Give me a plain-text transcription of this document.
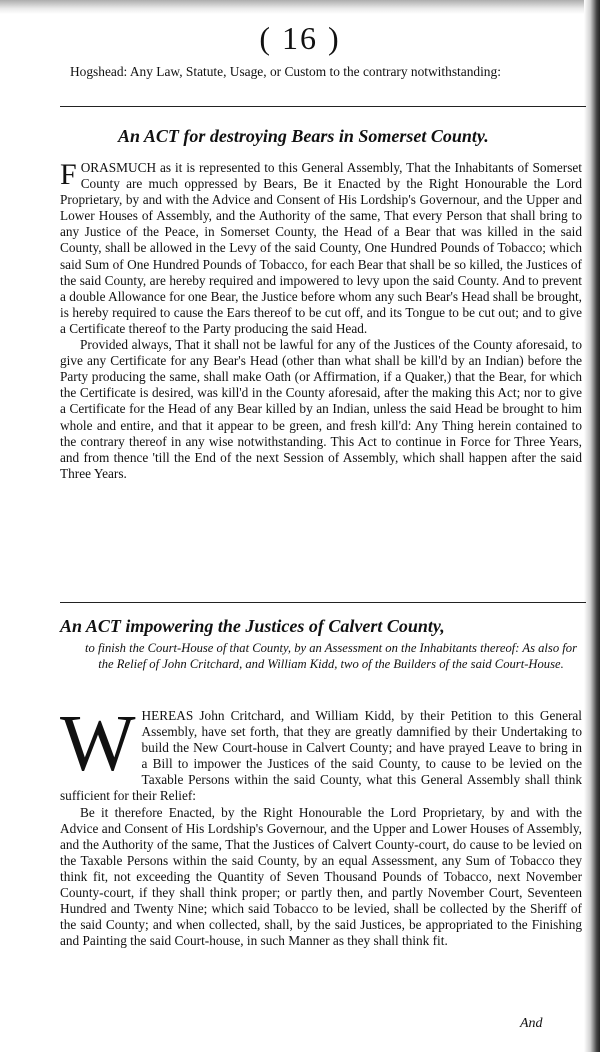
( 16 )
Hogshead: Any Law, Statute, Usage, or Custom to the contrary notwithstanding:
An ACT for destroying Bears in Somerset County.

FORASMUCH as it is represented to this General Assembly, That the Inhabitants of Somerset County are much oppressed by Bears, Be it Enacted by the Right Honourable the Lord Proprietary, by and with the Advice and Consent of His Lordship's Governour, and the Upper and Lower Houses of Assembly, and the Authority of the same, That every Person that shall bring to any Justice of the Peace, in Somerset County, the Head of a Bear that was killed in the said County, shall be allowed in the Levy of the said County, One Hundred Pounds of Tobacco; which said Sum of One Hundred Pounds of Tobacco, for each Bear that shall be so killed, the Justices of the said County, are hereby required and impowered to levy upon the said County. And to prevent a double Allowance for one Bear, the Justice before whom any such Bear's Head shall be brought, is hereby required to cause the Ears thereof to be cut off, and its Tongue to be cut out; and to give a Certificate thereof to the Party producing the said Head.

Provided always, That it shall not be lawful for any of the Justices of the County aforesaid, to give any Certificate for any Bear's Head (other than what shall be kill'd by an Indian) before the Party producing the same, shall make Oath (or Affirmation, if a Quaker,) that the Bear, for which the Certificate is desired, was kill'd in the County aforesaid, after the making this Act; nor to give a Certificate for the Head of any Bear killed by an Indian, unless the said Head be brought to him whole and entire, and that it appear to be green, and fresh kill'd: Any Thing herein contained to the contrary thereof in any wise notwithstanding. This Act to continue in Force for Three Years, and from thence 'till the End of the next Session of Assembly, which shall happen after the said Three Years.

An ACT impowering the Justices of Calvert County,
to finish the Court-House of that County, by an Assessment on the Inhabitants thereof: As also for the Relief of John Critchard, and William Kidd, two of the Builders of the said Court-House.

WHEREAS John Critchard, and William Kidd, by their Petition to this General Assembly, have set forth, that they are greatly damnified by their Undertaking to build the New Court-house in Calvert County; and have prayed Leave to bring in a Bill to impower the Justices of the said County, to cause to be levied on the Taxable Persons within the said County, what this General Assembly shall think sufficient for their Relief:

Be it therefore Enacted, by the Right Honourable the Lord Proprietary, by and with the Advice and Consent of His Lordship's Governour, and the Upper and Lower Houses of Assembly, and the Authority of the same, That the Justices of Calvert County-court, do cause to be levied on the Taxable Persons within the said County, by an equal Assessment, any Sum of Tobacco they think fit, not exceeding the Quantity of Seven Thousand Pounds of Tobacco, next November County-court, if they shall think proper; or partly then, and partly November Court, Seventeen Hundred and Twenty Nine; which said Tobacco to be levied, shall be collected by the Sheriff of the said County; and when collected, shall, by the said Justices, be appropriated to the Finishing and Painting the said Court-house, in such Manner as they shall think fit.

And
